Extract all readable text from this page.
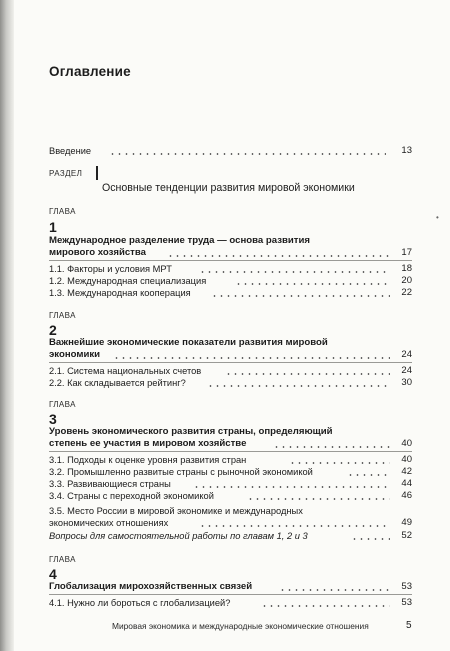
•
Оглавление
Введение	13
РАЗДЕЛ
Основные тенденции развития мировой экономики
ГЛАВА
1
Международное разделение труда — основа развития
мирового хозяйства	17
1.1. Факторы и условия МРТ	18
1.2. Международная специализация	20
1.3. Международная кооперация	22
ГЛАВА
2
Важнейшие экономические показатели развития мировой
экономики	24
2.1. Система национальных счетов	24
2.2. Как складывается рейтинг?	30
ГЛАВА
3
Уровень экономического развития страны, определяющий
степень ее участия в мировом хозяйстве	40
3.1. Подходы к оценке уровня развития стран	40
3.2. Промышленно развитые страны с рыночной экономикой	42
3.3. Развивающиеся страны	44
3.4. Страны с переходной экономикой	46
3.5. Место России в мировой экономике и международных
экономических отношениях	49
Вопросы для самостоятельной работы по главам 1, 2 и 3	52
ГЛАВА
4
Глобализация мирохозяйственных связей	53
4.1. Нужно ли бороться с глобализацией?	53
Мировая экономика и международные экономические отношения	5
